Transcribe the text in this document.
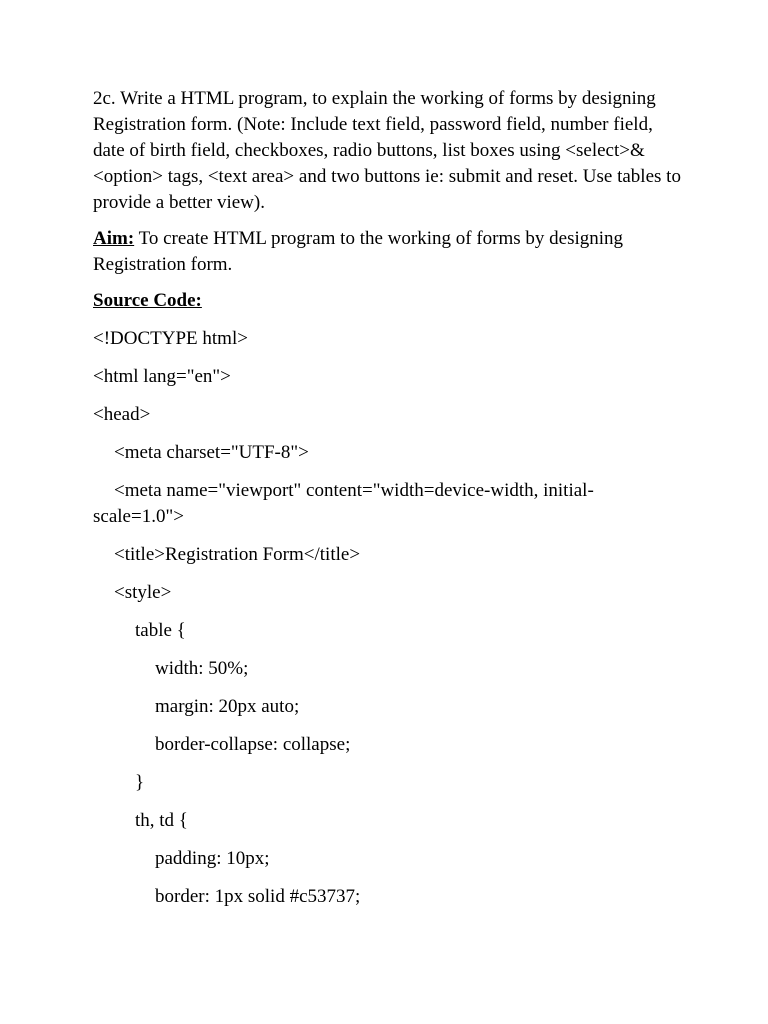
2c. Write a HTML program, to explain the working of forms by designing Registration form. (Note: Include text field, password field, number field, date of birth field, checkboxes, radio buttons, list boxes using <select>&<option> tags, <text area> and two buttons ie: submit and reset. Use tables to provide a better view).

Aim: To create HTML program to the working of forms by designing Registration form.

Source Code:

<!DOCTYPE html>

<html lang="en">

<head>

<meta charset="UTF-8">

<meta name="viewport" content="width=device-width, initial-scale=1.0">

<title>Registration Form</title>

<style>

table {

width: 50%;

margin: 20px auto;

border-collapse: collapse;

}

th, td {

padding: 10px;

border: 1px solid #c53737;
